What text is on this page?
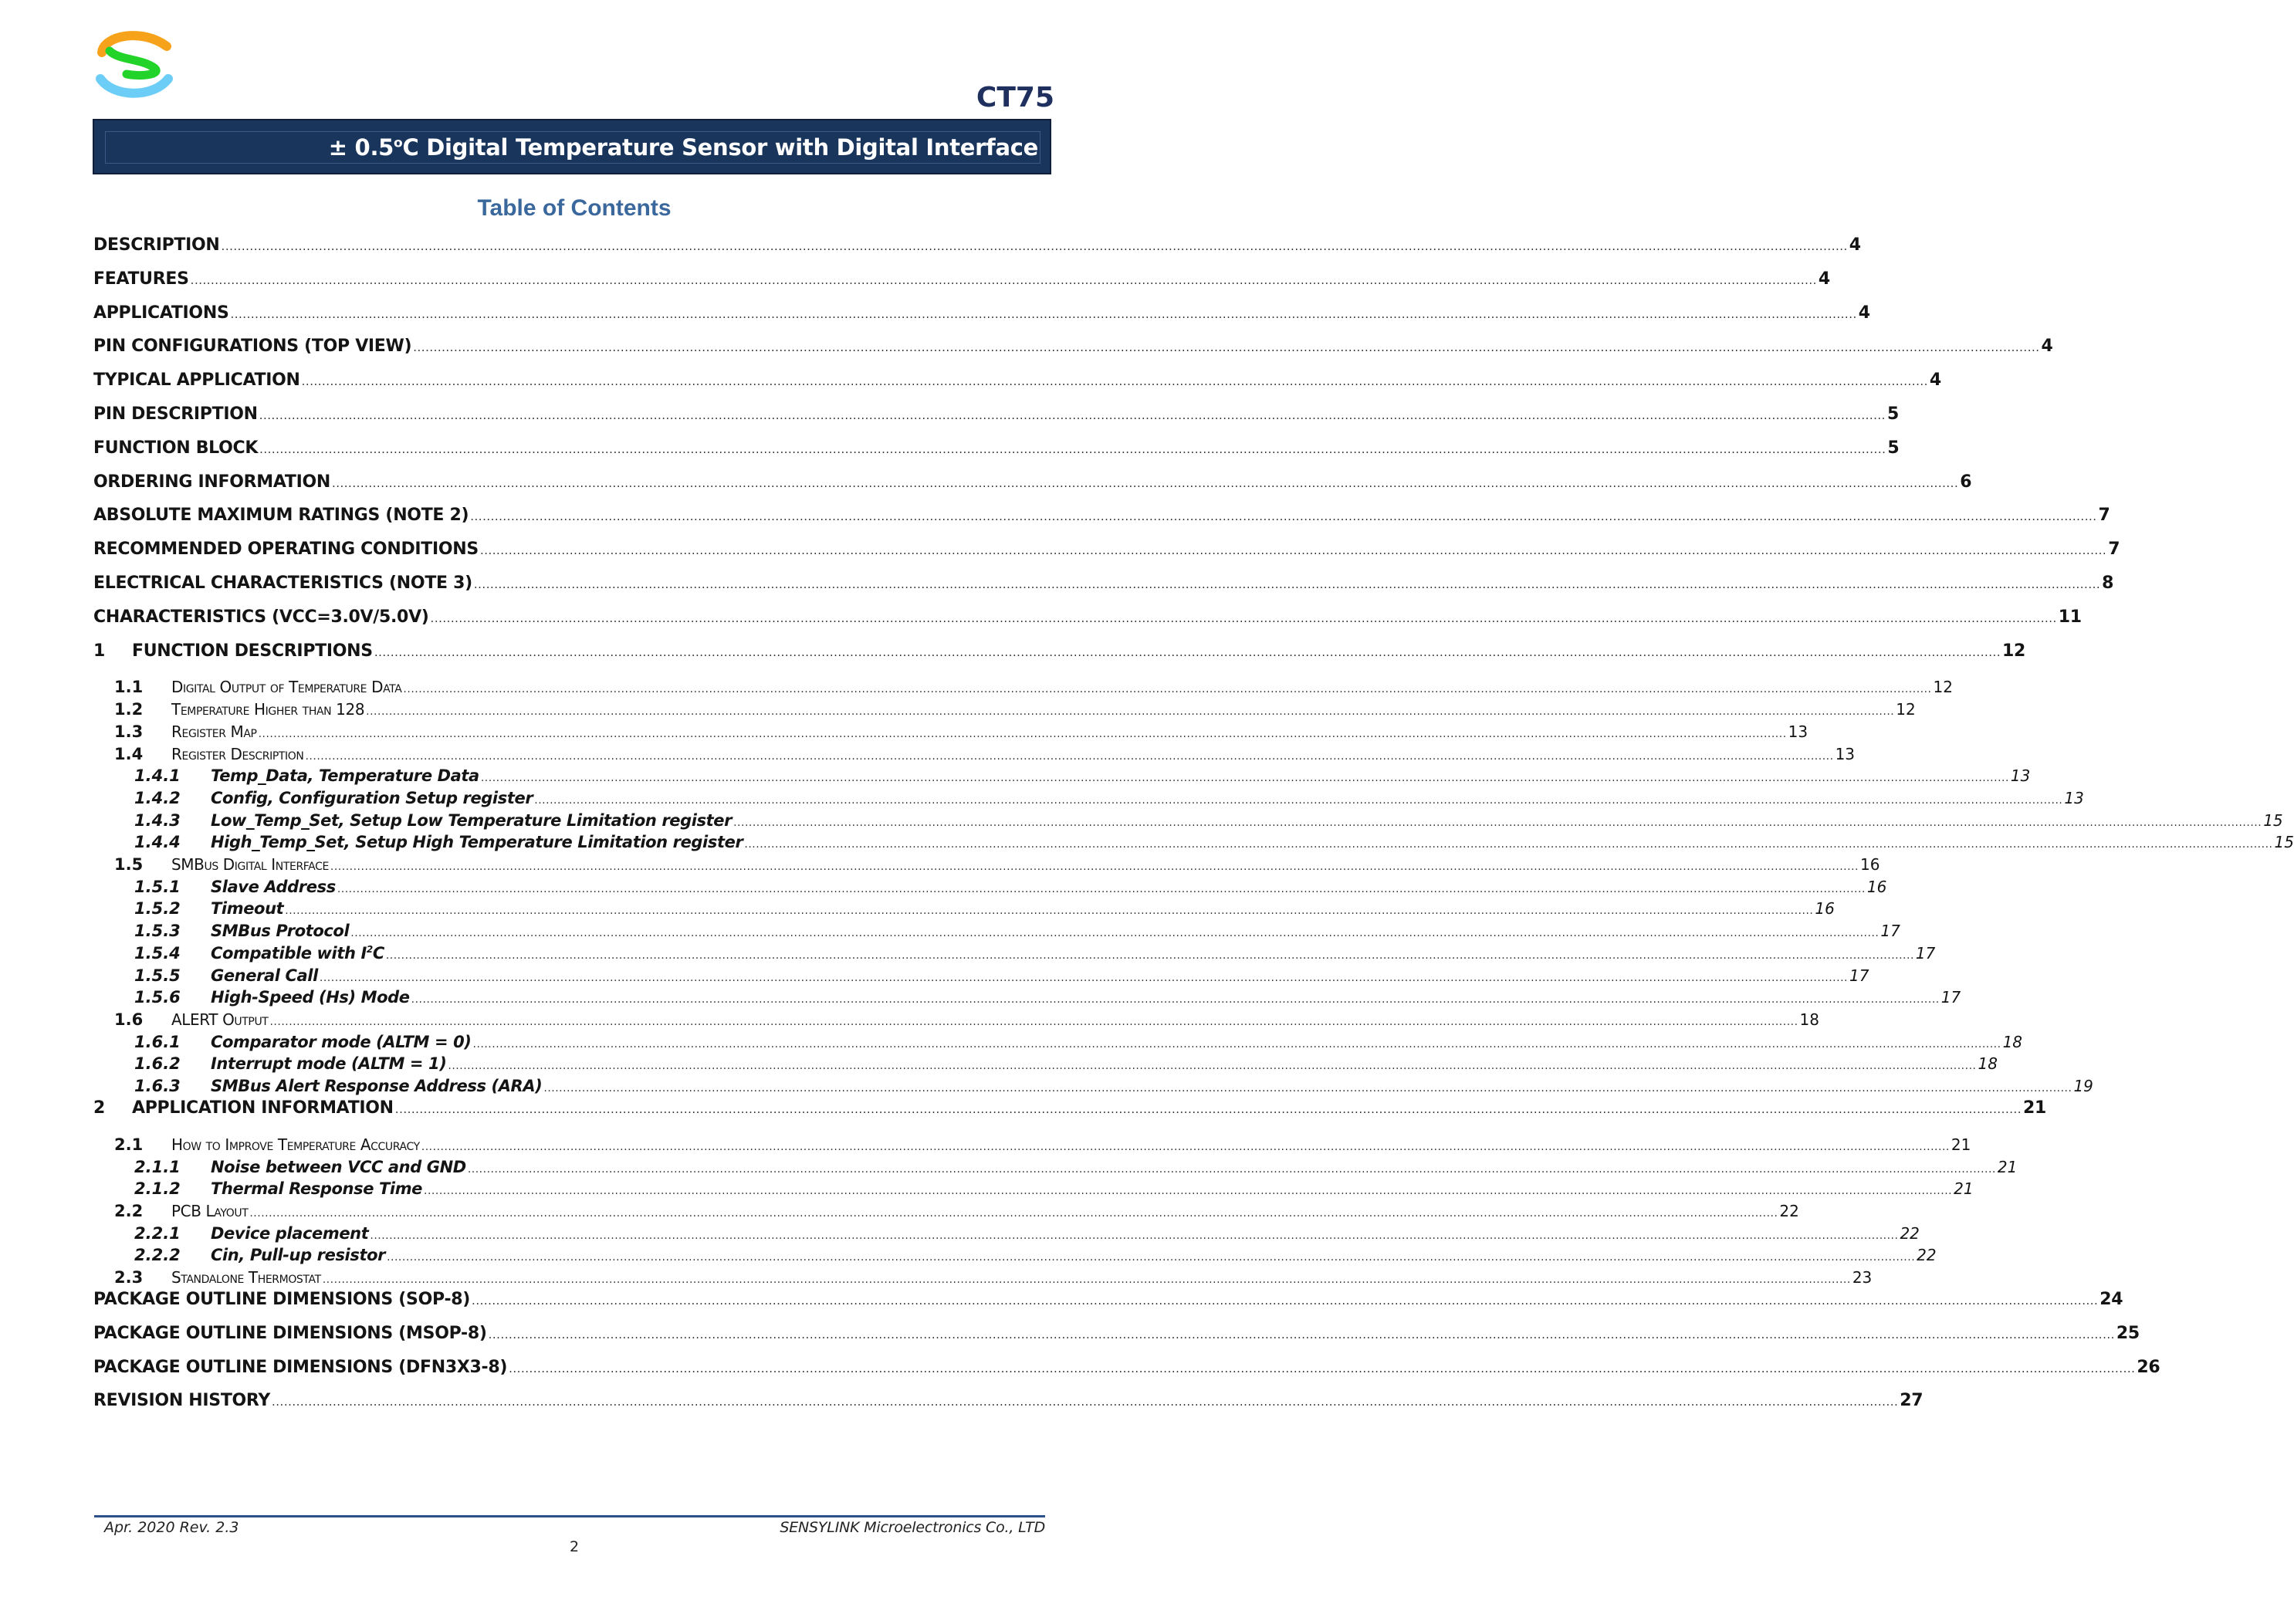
CT75
± $0.5^oC$ Digital Temperature Sensor with Digital Interface
Table of Contents
DESCRIPTION ................................................................................................................................................................................................................................................................................................................................................................................................................ 4
FEATURES ................................................................................................................................................................................................................................................................................................................................................................................................................ 4
APPLICATIONS ................................................................................................................................................................................................................................................................................................................................................................................................................ 4
PIN CONFIGURATIONS (TOP VIEW) ................................................................................................................................................................................................................................................................................................................................................................................................................ 4
TYPICAL APPLICATION ................................................................................................................................................................................................................................................................................................................................................................................................................ 4
PIN DESCRIPTION ................................................................................................................................................................................................................................................................................................................................................................................................................ 5
FUNCTION BLOCK ................................................................................................................................................................................................................................................................................................................................................................................................................ 5
ORDERING INFORMATION ................................................................................................................................................................................................................................................................................................................................................................................................................ 6
ABSOLUTE MAXIMUM RATINGS (NOTE 2) ................................................................................................................................................................................................................................................................................................................................................................................................................ 7
RECOMMENDED OPERATING CONDITIONS ................................................................................................................................................................................................................................................................................................................................................................................................................ 7
ELECTRICAL CHARACTERISTICS (NOTE 3) ................................................................................................................................................................................................................................................................................................................................................................................................................ 8
CHARACTERISTICS (VCC=3.0V/5.0V) ................................................................................................................................................................................................................................................................................................................................................................................................................ 11
1	FUNCTION DESCRIPTIONS ................................................................................................................................................................................................................................................................................................................................................................................................................ 12
1.1	Digital Output of Temperature Data ................................................................................................................................................................................................................................................................................................................................................................................................................ 12
1.2	Temperature Higher than 128 ................................................................................................................................................................................................................................................................................................................................................................................................................ 12
1.3	Register Map ................................................................................................................................................................................................................................................................................................................................................................................................................ 13
1.4	Register Description ................................................................................................................................................................................................................................................................................................................................................................................................................ 13
1.4.1	Temp_Data, Temperature Data ................................................................................................................................................................................................................................................................................................................................................................................................................ 13
1.4.2	Config, Configuration Setup register ................................................................................................................................................................................................................................................................................................................................................................................................................ 13
1.4.3	Low_Temp_Set, Setup Low Temperature Limitation register ................................................................................................................................................................................................................................................................................................................................................................................................................ 15
1.4.4	High_Temp_Set, Setup High Temperature Limitation register ................................................................................................................................................................................................................................................................................................................................................................................................................ 15
1.5	SMBus Digital Interface ................................................................................................................................................................................................................................................................................................................................................................................................................ 16
1.5.1	Slave Address ................................................................................................................................................................................................................................................................................................................................................................................................................ 16
1.5.2	Timeout ................................................................................................................................................................................................................................................................................................................................................................................................................ 16
1.5.3	SMBus Protocol ................................................................................................................................................................................................................................................................................................................................................................................................................ 17
1.5.4	Compatible with $I^2C$ ................................................................................................................................................................................................................................................................................................................................................................................................................ 17
1.5.5	General Call ................................................................................................................................................................................................................................................................................................................................................................................................................ 17
1.5.6	High-Speed (Hs) Mode ................................................................................................................................................................................................................................................................................................................................................................................................................ 17
1.6	ALERT Output ................................................................................................................................................................................................................................................................................................................................................................................................................ 18
1.6.1	Comparator mode (ALTM = 0) ................................................................................................................................................................................................................................................................................................................................................................................................................ 18
1.6.2	Interrupt mode (ALTM = 1) ................................................................................................................................................................................................................................................................................................................................................................................................................ 18
1.6.3	SMBus Alert Response Address (ARA) ................................................................................................................................................................................................................................................................................................................................................................................................................ 19
2	APPLICATION INFORMATION ................................................................................................................................................................................................................................................................................................................................................................................................................ 21
2.1	How to Improve Temperature Accuracy ................................................................................................................................................................................................................................................................................................................................................................................................................ 21
2.1.1	Noise between VCC and GND ................................................................................................................................................................................................................................................................................................................................................................................................................ 21
2.1.2	Thermal Response Time ................................................................................................................................................................................................................................................................................................................................................................................................................ 21
2.2	PCB Layout ................................................................................................................................................................................................................................................................................................................................................................................................................ 22
2.2.1	Device placement ................................................................................................................................................................................................................................................................................................................................................................................................................ 22
2.2.2	Cin, Pull-up resistor ................................................................................................................................................................................................................................................................................................................................................................................................................ 22
2.3	Standalone Thermostat ................................................................................................................................................................................................................................................................................................................................................................................................................ 23
PACKAGE OUTLINE DIMENSIONS (SOP-8) ................................................................................................................................................................................................................................................................................................................................................................................................................ 24
PACKAGE OUTLINE DIMENSIONS (MSOP-8) ................................................................................................................................................................................................................................................................................................................................................................................................................ 25
PACKAGE OUTLINE DIMENSIONS (DFN3X3-8) ................................................................................................................................................................................................................................................................................................................................................................................................................ 26
REVISION HISTORY ................................................................................................................................................................................................................................................................................................................................................................................................................ 27
Apr. 2020 Rev. 2.3	SENSYLINK Microelectronics Co., LTD
2
